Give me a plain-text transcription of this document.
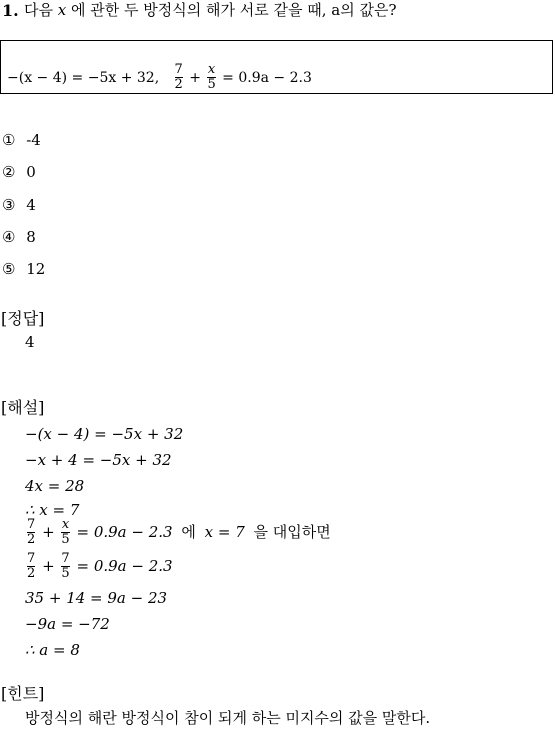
1. 다음 x 에 관한 두 방정식의 해가 서로 같을 때, a의 값은?
−(x − 4) = −5x + 32, $\frac{7}{2} + \frac{x}{5} = 0.9a - 2.3$
① -4
② 0
③ 4
④ 8
⑤ 12
[정답]
4
[해설]
−(x − 4) = −5x + 32
−x + 4 = −5x + 32
4x = 28
∴ x = 7
$\frac{7}{2} + \frac{x}{5} = 0.9a - 2.3$ 에 x = 7 을 대입하면
$\frac{7}{2} + \frac{7}{5} = 0.9a - 2.3$
35 + 14 = 9a − 23
−9a = −72
∴ a = 8
[힌트]
방정식의 해란 방정식이 참이 되게 하는 미지수의 값을 말한다.
